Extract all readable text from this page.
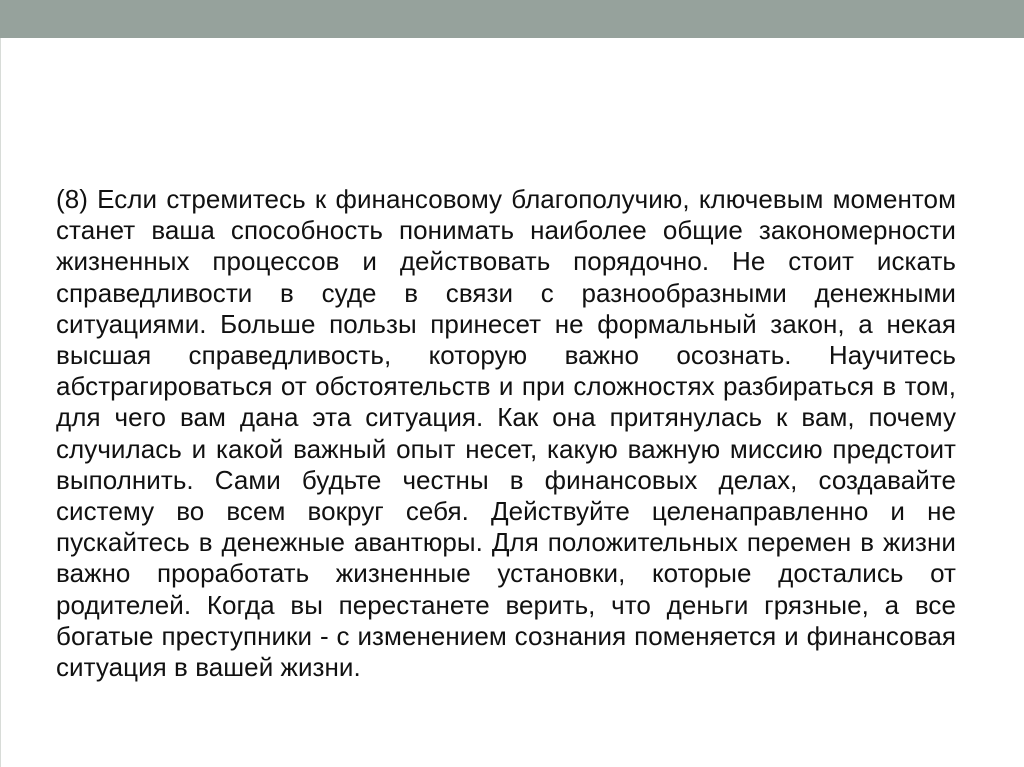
(8) Если стремитесь к финансовому благополучию, ключевым моментом станет ваша способность понимать наиболее общие закономерности жизненных процессов и действовать порядочно. Не стоит искать справедливости в суде в связи с разнообразными денежными ситуациями. Больше пользы принесет не формальный закон, а некая высшая справедливость, которую важно осознать. Научитесь абстрагироваться от обстоятельств и при сложностях разбираться в том, для чего вам дана эта ситуация. Как она притянулась к вам, почему случилась и какой важный опыт несет, какую важную миссию предстоит выполнить. Сами будьте честны в финансовых делах, создавайте систему во всем вокруг себя. Действуйте целенаправленно и не пускайтесь в денежные авантюры. Для положительных перемен в жизни важно проработать жизненные установки, которые достались от родителей. Когда вы перестанете верить, что деньги грязные, а все богатые преступники - с изменением сознания поменяется и финансовая ситуация в вашей жизни.
